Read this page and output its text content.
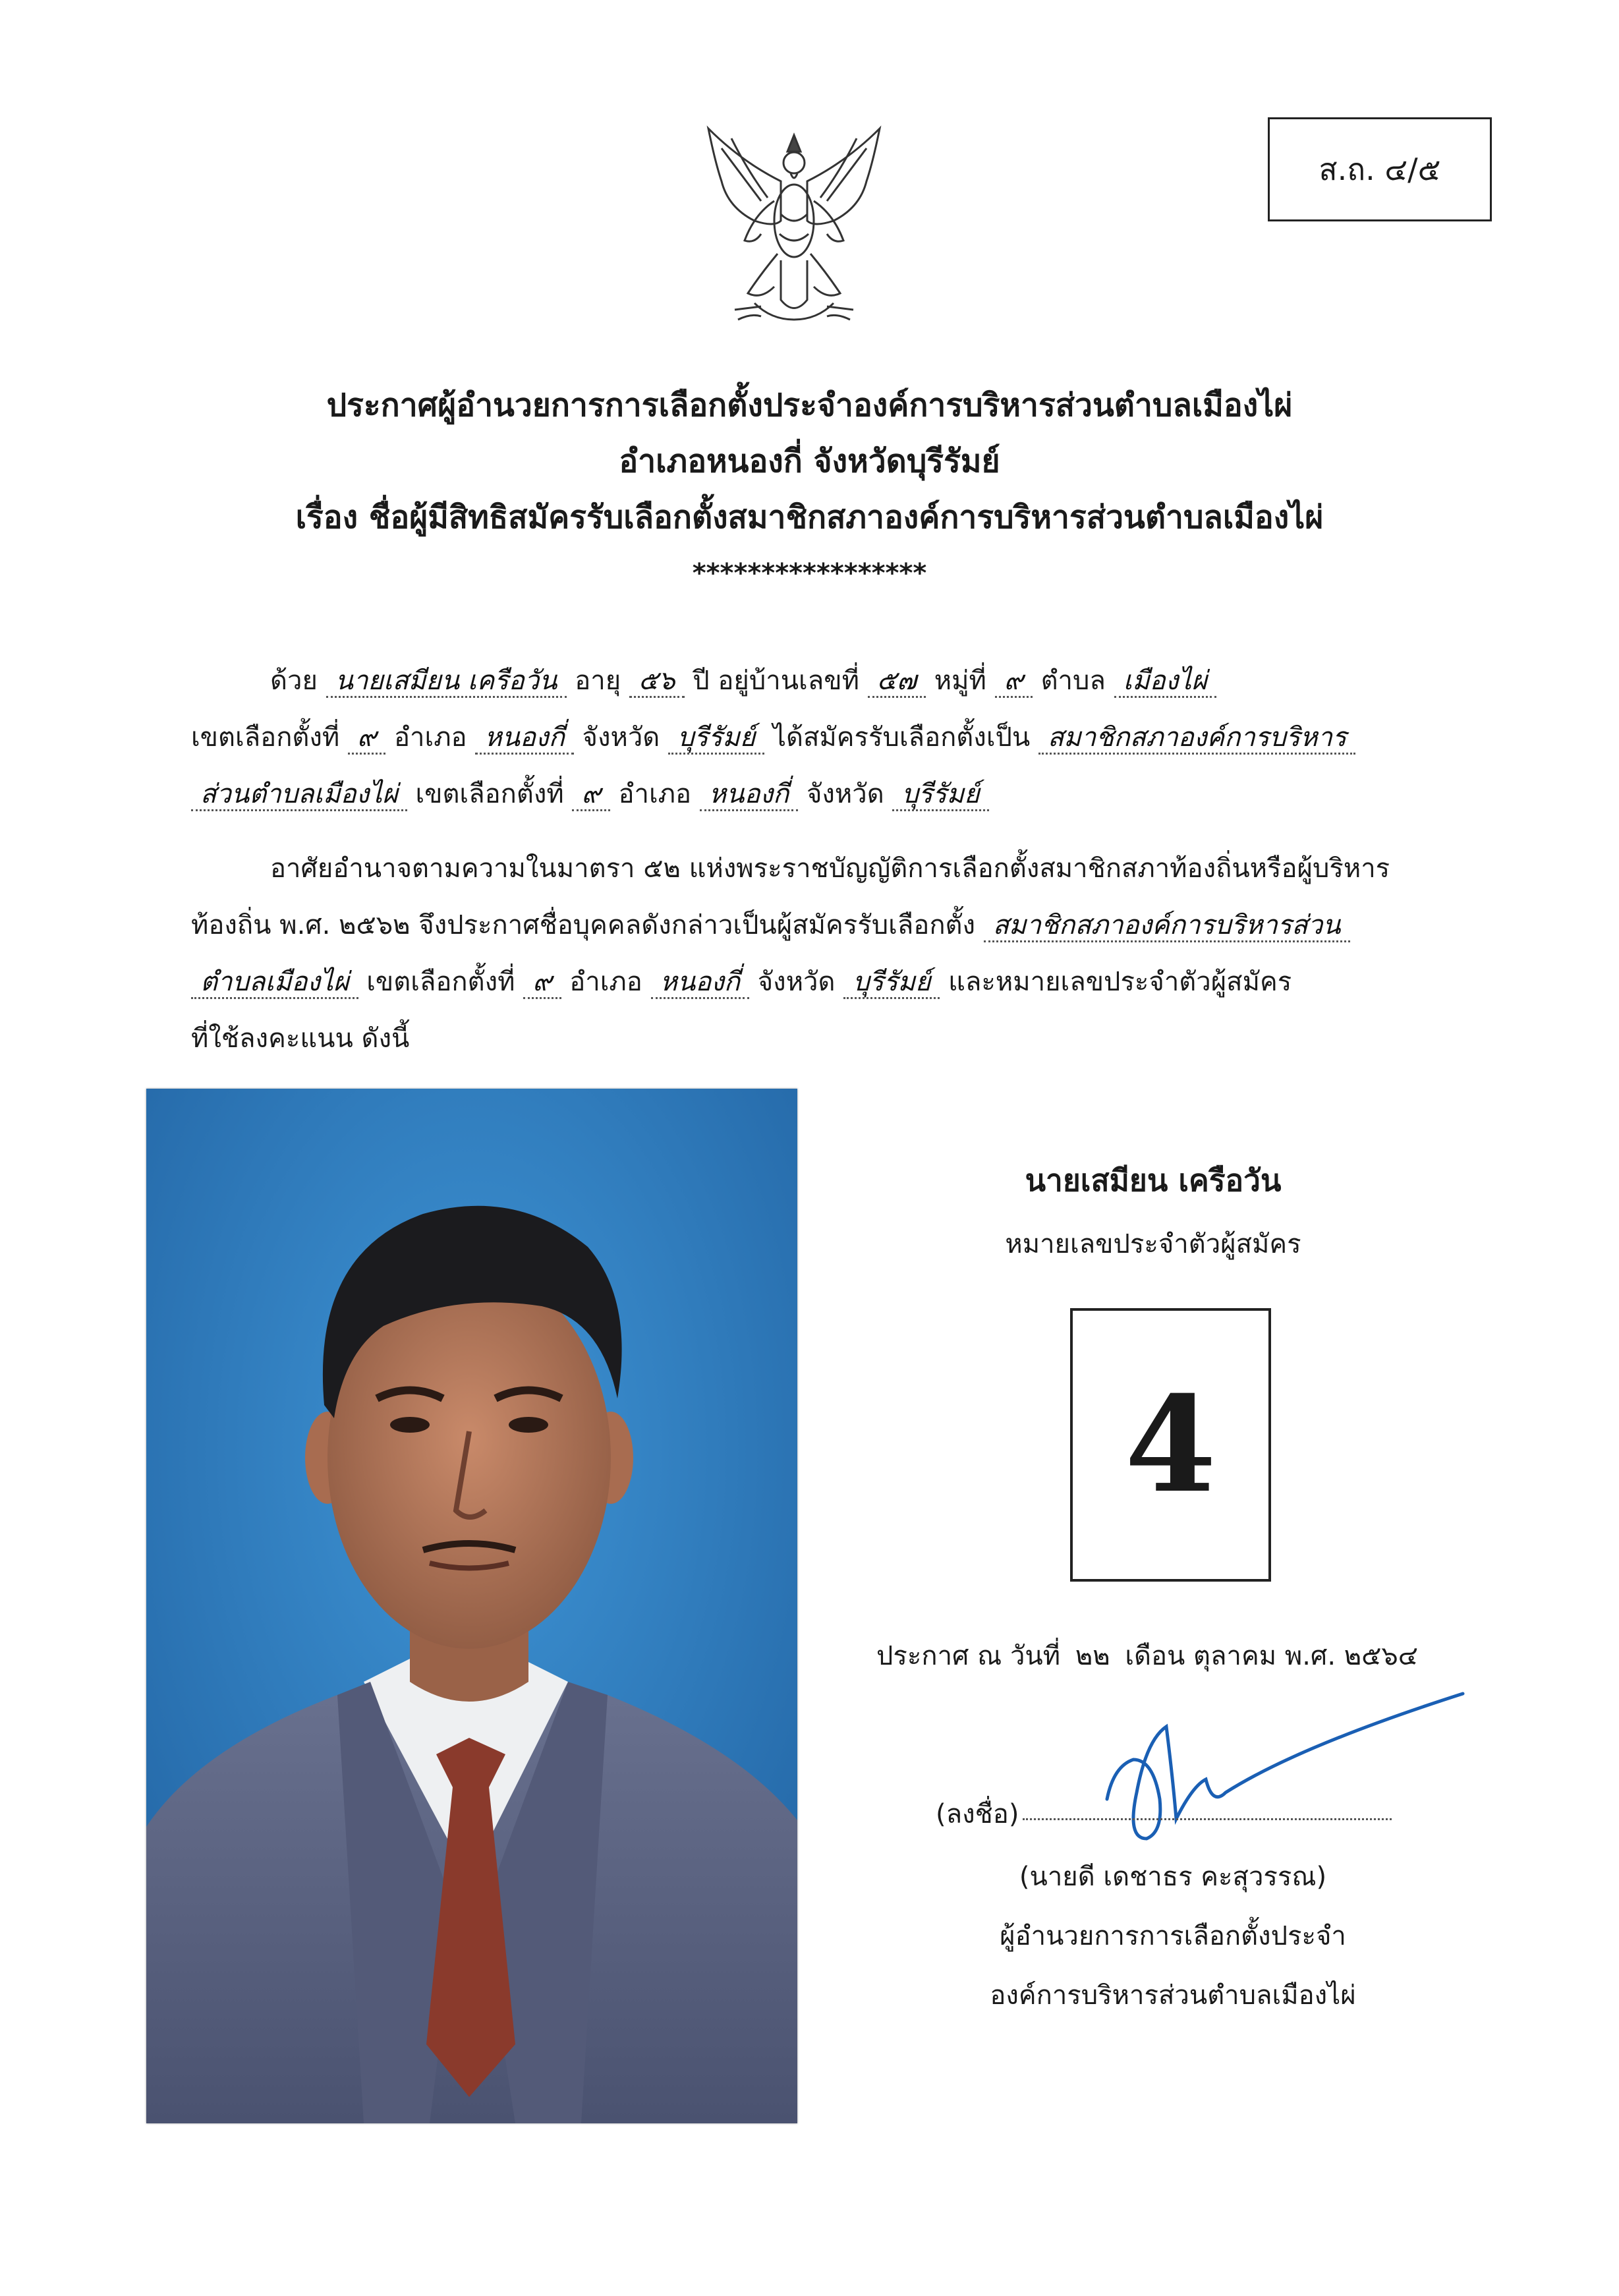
ส.ถ. ๔/๕
ประกาศผู้อำนวยการการเลือกตั้งประจำองค์การบริหารส่วนตำบลเมืองไผ่
อำเภอหนองกี่ จังหวัดบุรีรัมย์
เรื่อง ชื่อผู้มีสิทธิสมัครรับเลือกตั้งสมาชิกสภาองค์การบริหารส่วนตำบลเมืองไผ่
*****************
ด้วย นายเสมียน เครือวัน อายุ ๕๖ ปี อยู่บ้านเลขที่ ๕๗ หมู่ที่ ๙ ตำบล เมืองไผ่
เขตเลือกตั้งที่ ๙ อำเภอ หนองกี่ จังหวัด บุรีรัมย์ ได้สมัครรับเลือกตั้งเป็น สมาชิกสภาองค์การบริหาร
ส่วนตำบลเมืองไผ่ เขตเลือกตั้งที่ ๙ อำเภอ หนองกี่ จังหวัด บุรีรัมย์
อาศัยอำนาจตามความในมาตรา ๕๒ แห่งพระราชบัญญัติการเลือกตั้งสมาชิกสภาท้องถิ่นหรือผู้บริหาร
ท้องถิ่น พ.ศ. ๒๕๖๒ จึงประกาศชื่อบุคคลดังกล่าวเป็นผู้สมัครรับเลือกตั้ง สมาชิกสภาองค์การบริหารส่วน
ตำบลเมืองไผ่ เขตเลือกตั้งที่ ๙ อำเภอ หนองกี่ จังหวัด บุรีรัมย์ และหมายเลขประจำตัวผู้สมัคร
ที่ใช้ลงคะแนน ดังนี้
นายเสมียน เครือวัน
หมายเลขประจำตัวผู้สมัคร
4
ประกาศ ณ วันที่ ๒๒ เดือน ตุลาคม พ.ศ. ๒๕๖๔
(ลงชื่อ)
(นายดี เดชาธร คะสุวรรณ)
ผู้อำนวยการการเลือกตั้งประจำ
องค์การบริหารส่วนตำบลเมืองไผ่
